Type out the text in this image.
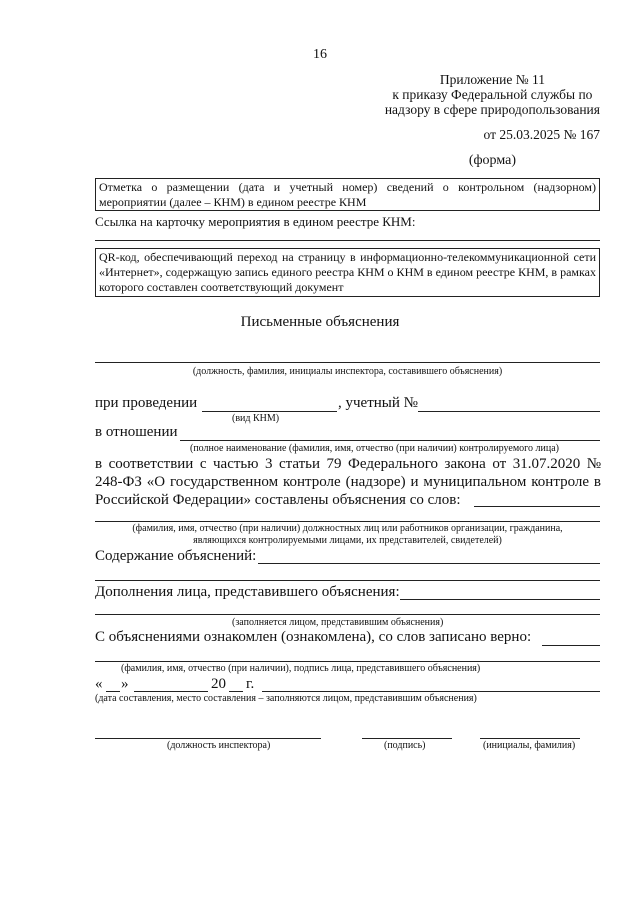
16
Приложение № 11
к приказу Федеральной службы по
надзору в сфере природопользования
от 25.03.2025 № 167
(форма)
Отметка о размещении (дата и учетный номер) сведений о контрольном (надзорном) мероприятии (далее – КНМ) в едином реестре КНМ
Ссылка на карточку мероприятия в едином реестре КНМ:
QR-код, обеспечивающий переход на страницу в информационно-телекоммуникационной сети «Интернет», содержащую запись единого реестра КНМ о КНМ в едином реестре КНМ, в рамках которого составлен соответствующий документ
Письменные объяснения
(должность, фамилия, инициалы инспектора, составившего объяснения)
при проведении	, учетный №
(вид КНМ)
в отношении
(полное наименование (фамилия, имя, отчество (при наличии) контролируемого лица)
в соответствии с частью 3 статьи 79 Федерального закона от 31.07.2020 № 248-ФЗ «О государственном контроле (надзоре) и муниципальном контроле в Российской Федерации» составлены объяснения со слов:
(фамилия, имя, отчество (при наличии) должностных лиц или работников организации, гражданина,
являющихся контролируемыми лицами, их представителей, свидетелей)
Содержание объяснений:
Дополнения лица, представившего объяснения:
(заполняется лицом, представившим объяснения)
С объяснениями ознакомлен (ознакомлена), со слов записано верно:
(фамилия, имя, отчество (при наличии), подпись лица, представившего объяснения)
« »	20 г.
(дата составления, место составления – заполняются лицом, представившим объяснения)
(должность инспектора)	(подпись)	(инициалы, фамилия)
